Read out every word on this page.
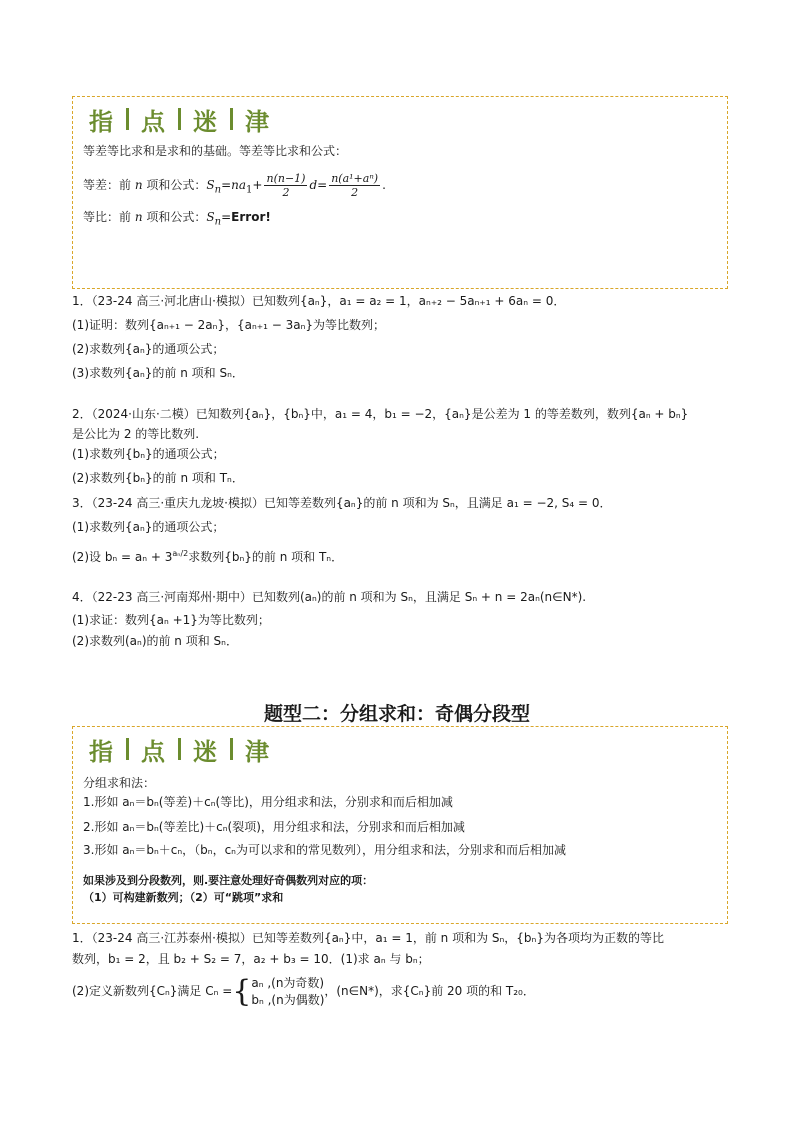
指 点 迷 津
等差等比求和是求和的基础。等差等比求和公式：
等差：前 n 项和公式：$S_n=na_1+ \frac{n(n-1)}{2} d= \frac{\text{n(a¹+aⁿ)}}{2}$ .
等比：前 n 项和公式：$S_n=Error$!
1．（23-24 高三·河北唐山·模拟）已知数列{aₙ}，a₁ = a₂ = 1，aₙ₊₂ − 5aₙ₊₁ + 6aₙ = 0．
(1)证明：数列{aₙ₊₁ − 2aₙ}，{aₙ₊₁ − 3aₙ}为等比数列；
(2)求数列{aₙ}的通项公式；
(3)求数列{aₙ}的前 n 项和 Sₙ．
2．（2024·山东·二模）已知数列{aₙ}，{bₙ}中，a₁ = 4，b₁ = −2，{aₙ}是公差为 1 的等差数列，数列{aₙ + bₙ}
是公比为 2 的等比数列.
(1)求数列{bₙ}的通项公式；
(2)求数列{bₙ}的前 n 项和 Tₙ．
3．（23-24 高三·重庆九龙坡·模拟）已知等差数列{aₙ}的前 n 项和为 Sₙ，且满足 a₁ = −2, S₄ = 0．
(1)求数列{aₙ}的通项公式；
(2)设 $b_n = a_n + 3^{a_n/2}$求数列{bₙ}的前 n 项和 Tₙ．
4．（22-23 高三·河南郑州·期中）已知数列(aₙ)的前 n 项和为 Sₙ，且满足 Sₙ + n = 2aₙ(n∈N*).
(1)求证：数列{aₙ +1}为等比数列；
(2)求数列(aₙ)的前 n 项和 Sₙ．
题型二：分组求和：奇偶分段型
指 点 迷 津
分组求和法：
1.形如 aₙ＝bₙ(等差)＋cₙ(等比)，用分组求和法，分别求和而后相加减
2.形如 aₙ＝bₙ(等差比)＋cₙ(裂项)，用分组求和法，分别求和而后相加减
3.形如 aₙ＝bₙ＋cₙ，（bₙ，cₙ为可以求和的常见数列），用分组求和法，分别求和而后相加减
如果涉及到分段数列，则.要注意处理好奇偶数列对应的项：
（1）可构建新数列；（2）可“跳项”求和
1．（23-24 高三·江苏泰州·模拟）已知等差数列{aₙ}中，a₁ = 1，前 n 项和为 Sₙ，{bₙ}为各项均为正数的等比
数列，b₁ = 2，且 b₂ + S₂ = 7，a₂ + b₃ = 10．(1)求 aₙ 与 bₙ；
(2)定义新数列{Cₙ}满足 Cₙ ={ aₙ ,(n为奇数)
bₙ ,(n为偶数)
，(n∈N*)，求{Cₙ}前 20 项的和 T₂₀．
